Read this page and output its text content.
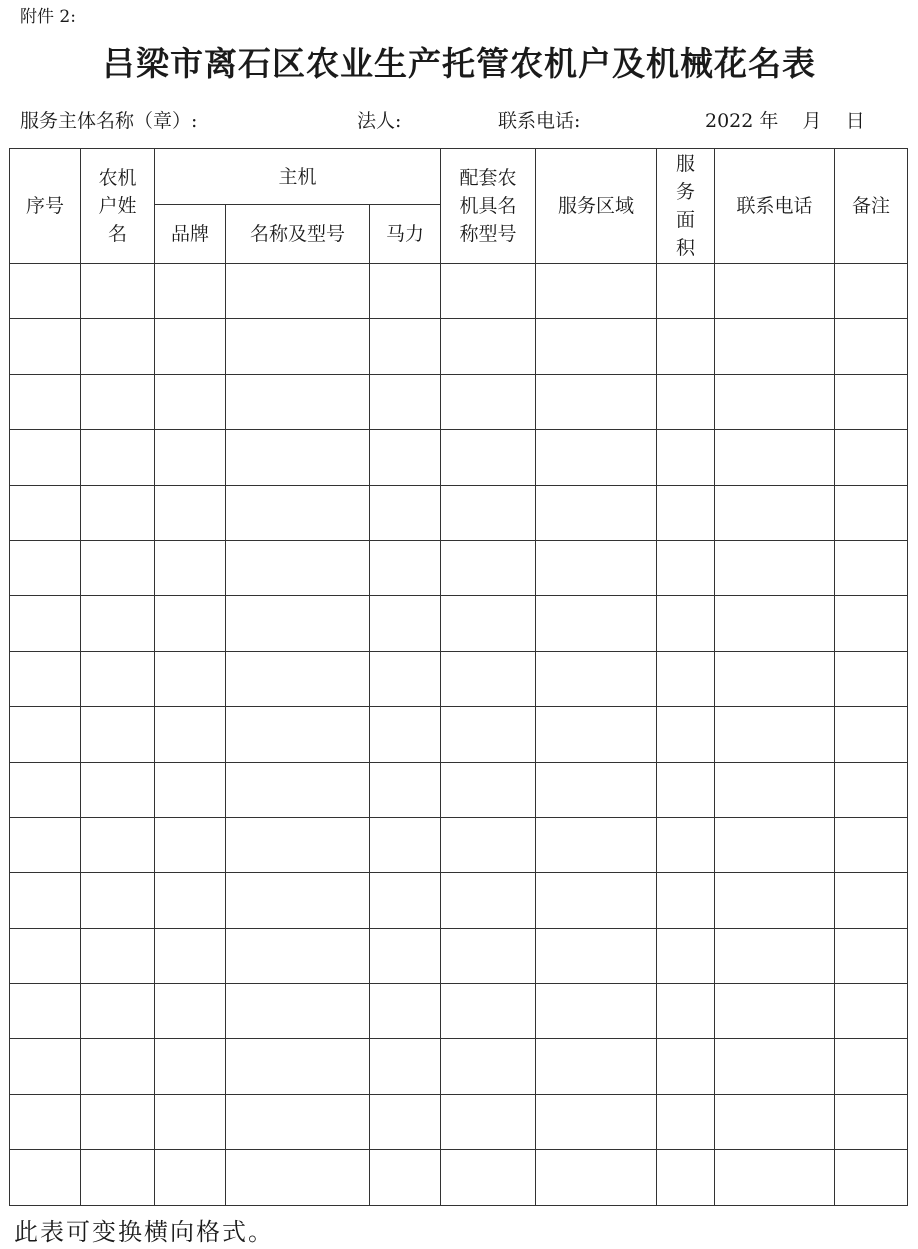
附件 2:
吕梁市离石区农业生产托管农机户及机械花名表
服务主体名称（章）:	法人:	联系电话:	2022 年    月    日
序号	农机户姓名	主机			配套农机具名称型号	服务区域	服务面积	联系电话	备注
		品牌	名称及型号	马力					

此表可变换横向格式。
